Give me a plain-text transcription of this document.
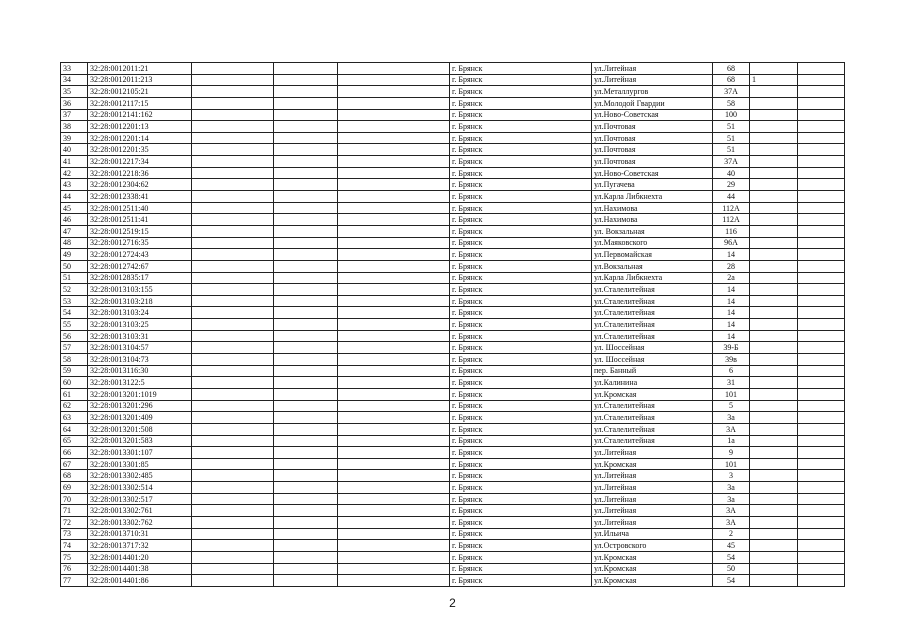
33	32:28:0012011:21				г. Брянск	ул.Литейная	68		
34	32:28:0012011:213				г. Брянск	ул.Литейная	68	1	
35	32:28:0012105:21				г. Брянск	ул.Металлургов	37А		
36	32:28:0012117:15				г. Брянск	ул.Молодой Гвардии	58		
37	32:28:0012141:162				г. Брянск	ул.Ново-Советская	100		
38	32:28:0012201:13				г. Брянск	ул.Почтовая	51		
39	32:28:0012201:14				г. Брянск	ул.Почтовая	51		
40	32:28:0012201:35				г. Брянск	ул.Почтовая	51		
41	32:28:0012217:34				г. Брянск	ул.Почтовая	37А		
42	32:28:0012218:36				г. Брянск	ул.Ново-Советская	40		
43	32:28:0012304:62				г. Брянск	ул.Пугачева	29		
44	32:28:0012338:41				г. Брянск	ул.Карла Либкнехта	44		
45	32:28:0012511:40				г. Брянск	ул.Нахимова	112А		
46	32:28:0012511:41				г. Брянск	ул.Нахимова	112А		
47	32:28:0012519:15				г. Брянск	ул. Вокзальная	116		
48	32:28:0012716:35				г. Брянск	ул.Маяковского	96А		
49	32:28:0012724:43				г. Брянск	ул.Первомайская	14		
50	32:28:0012742:67				г. Брянск	ул.Вокзальная	28		
51	32:28:0012835:17				г. Брянск	ул.Карла Либкнехта	2а		
52	32:28:0013103:155				г. Брянск	ул.Сталелитейная	14		
53	32:28:0013103:218				г. Брянск	ул.Сталелитейная	14		
54	32:28:0013103:24				г. Брянск	ул.Сталелитейная	14		
55	32:28:0013103:25				г. Брянск	ул.Сталелитейная	14		
56	32:28:0013103:31				г. Брянск	ул.Сталелитейная	14		
57	32:28:0013104:57				г. Брянск	ул. Шоссейная	39-Б		
58	32:28:0013104:73				г. Брянск	ул. Шоссейная	39в		
59	32:28:0013116:30				г. Брянск	пер. Банный	6		
60	32:28:0013122:5				г. Брянск	ул.Калинина	31		
61	32:28:0013201:1019				г. Брянск	ул.Кромская	101		
62	32:28:0013201:296				г. Брянск	ул.Сталелитейная	5		
63	32:28:0013201:409				г. Брянск	ул.Сталелитейная	3а		
64	32:28:0013201:508				г. Брянск	ул.Сталелитейная	3А		
65	32:28:0013201:583				г. Брянск	ул.Сталелитейная	1а		
66	32:28:0013301:107				г. Брянск	ул.Литейная	9		
67	32:28:0013301:85				г. Брянск	ул.Кромская	101		
68	32:28:0013302:485				г. Брянск	ул.Литейная	3		
69	32:28:0013302:514				г. Брянск	ул.Литейная	3а		
70	32:28:0013302:517				г. Брянск	ул.Литейная	3а		
71	32:28:0013302:761				г. Брянск	ул.Литейная	3А		
72	32:28:0013302:762				г. Брянск	ул.Литейная	3А		
73	32:28:0013710:31				г. Брянск	ул.Ильича	2		
74	32:28:0013717:32				г. Брянск	ул.Островского	45		
75	32:28:0014401:20				г. Брянск	ул.Кромская	54		
76	32:28:0014401:38				г. Брянск	ул.Кромская	50		
77	32:28:0014401:86				г. Брянск	ул.Кромская	54		
2
